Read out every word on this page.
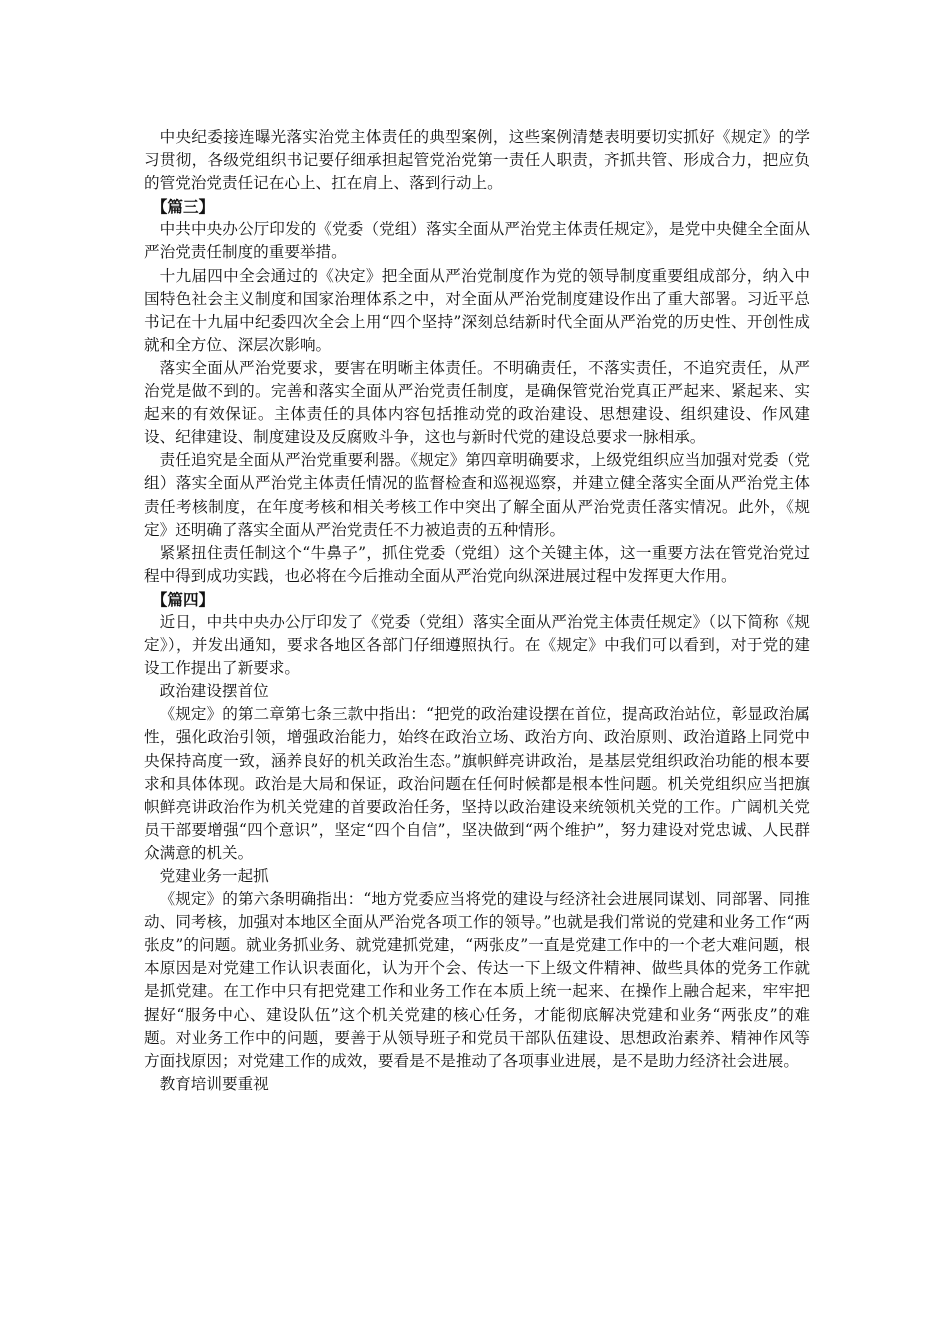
中央纪委接连曝光落实治党主体责任的典型案例，这些案例清楚表明要切实抓好《规定》的学习贯彻，各级党组织书记要仔细承担起管党治党第一责任人职责，齐抓共管、形成合力，把应负的管党治党责任记在心上、扛在肩上、落到行动上。

【篇三】

中共中央办公厅印发的《党委（党组）落实全面从严治党主体责任规定》，是党中央健全全面从严治党责任制度的重要举措。

十九届四中全会通过的《决定》把全面从严治党制度作为党的领导制度重要组成部分，纳入中国特色社会主义制度和国家治理体系之中，对全面从严治党制度建设作出了重大部署。习近平总书记在十九届中纪委四次全会上用“四个坚持”深刻总结新时代全面从严治党的历史性、开创性成就和全方位、深层次影响。

落实全面从严治党要求，要害在明晰主体责任。不明确责任，不落实责任，不追究责任，从严治党是做不到的。完善和落实全面从严治党责任制度，是确保管党治党真正严起来、紧起来、实起来的有效保证。主体责任的具体内容包括推动党的政治建设、思想建设、组织建设、作风建设、纪律建设、制度建设及反腐败斗争，这也与新时代党的建设总要求一脉相承。

责任追究是全面从严治党重要利器。《规定》第四章明确要求，上级党组织应当加强对党委（党组）落实全面从严治党主体责任情况的监督检查和巡视巡察，并建立健全落实全面从严治党主体责任考核制度，在年度考核和相关考核工作中突出了解全面从严治党责任落实情况。此外，《规定》还明确了落实全面从严治党责任不力被追责的五种情形。

紧紧扭住责任制这个“牛鼻子”，抓住党委（党组）这个关键主体，这一重要方法在管党治党过程中得到成功实践，也必将在今后推动全面从严治党向纵深进展过程中发挥更大作用。

【篇四】

近日，中共中央办公厅印发了《党委（党组）落实全面从严治党主体责任规定》（以下简称《规定》），并发出通知，要求各地区各部门仔细遵照执行。在《规定》中我们可以看到，对于党的建设工作提出了新要求。

政治建设摆首位

《规定》的第二章第七条三款中指出：“把党的政治建设摆在首位，提高政治站位，彰显政治属性，强化政治引领，增强政治能力，始终在政治立场、政治方向、政治原则、政治道路上同党中央保持高度一致，涵养良好的机关政治生态。”旗帜鲜亮讲政治，是基层党组织政治功能的根本要求和具体体现。政治是大局和保证，政治问题在任何时候都是根本性问题。机关党组织应当把旗帜鲜亮讲政治作为机关党建的首要政治任务，坚持以政治建设来统领机关党的工作。广阔机关党员干部要增强“四个意识”，坚定“四个自信”，坚决做到“两个维护”，努力建设对党忠诚、人民群众满意的机关。

党建业务一起抓

《规定》的第六条明确指出：“地方党委应当将党的建设与经济社会进展同谋划、同部署、同推动、同考核，加强对本地区全面从严治党各项工作的领导。”也就是我们常说的党建和业务工作“两张皮”的问题。就业务抓业务、就党建抓党建，“两张皮”一直是党建工作中的一个老大难问题，根本原因是对党建工作认识表面化，认为开个会、传达一下上级文件精神、做些具体的党务工作就是抓党建。在工作中只有把党建工作和业务工作在本质上统一起来、在操作上融合起来，牢牢把握好“服务中心、建设队伍”这个机关党建的核心任务，才能彻底解决党建和业务“两张皮”的难题。对业务工作中的问题，要善于从领导班子和党员干部队伍建设、思想政治素养、精神作风等方面找原因；对党建工作的成效，要看是不是推动了各项事业进展，是不是助力经济社会进展。

教育培训要重视
